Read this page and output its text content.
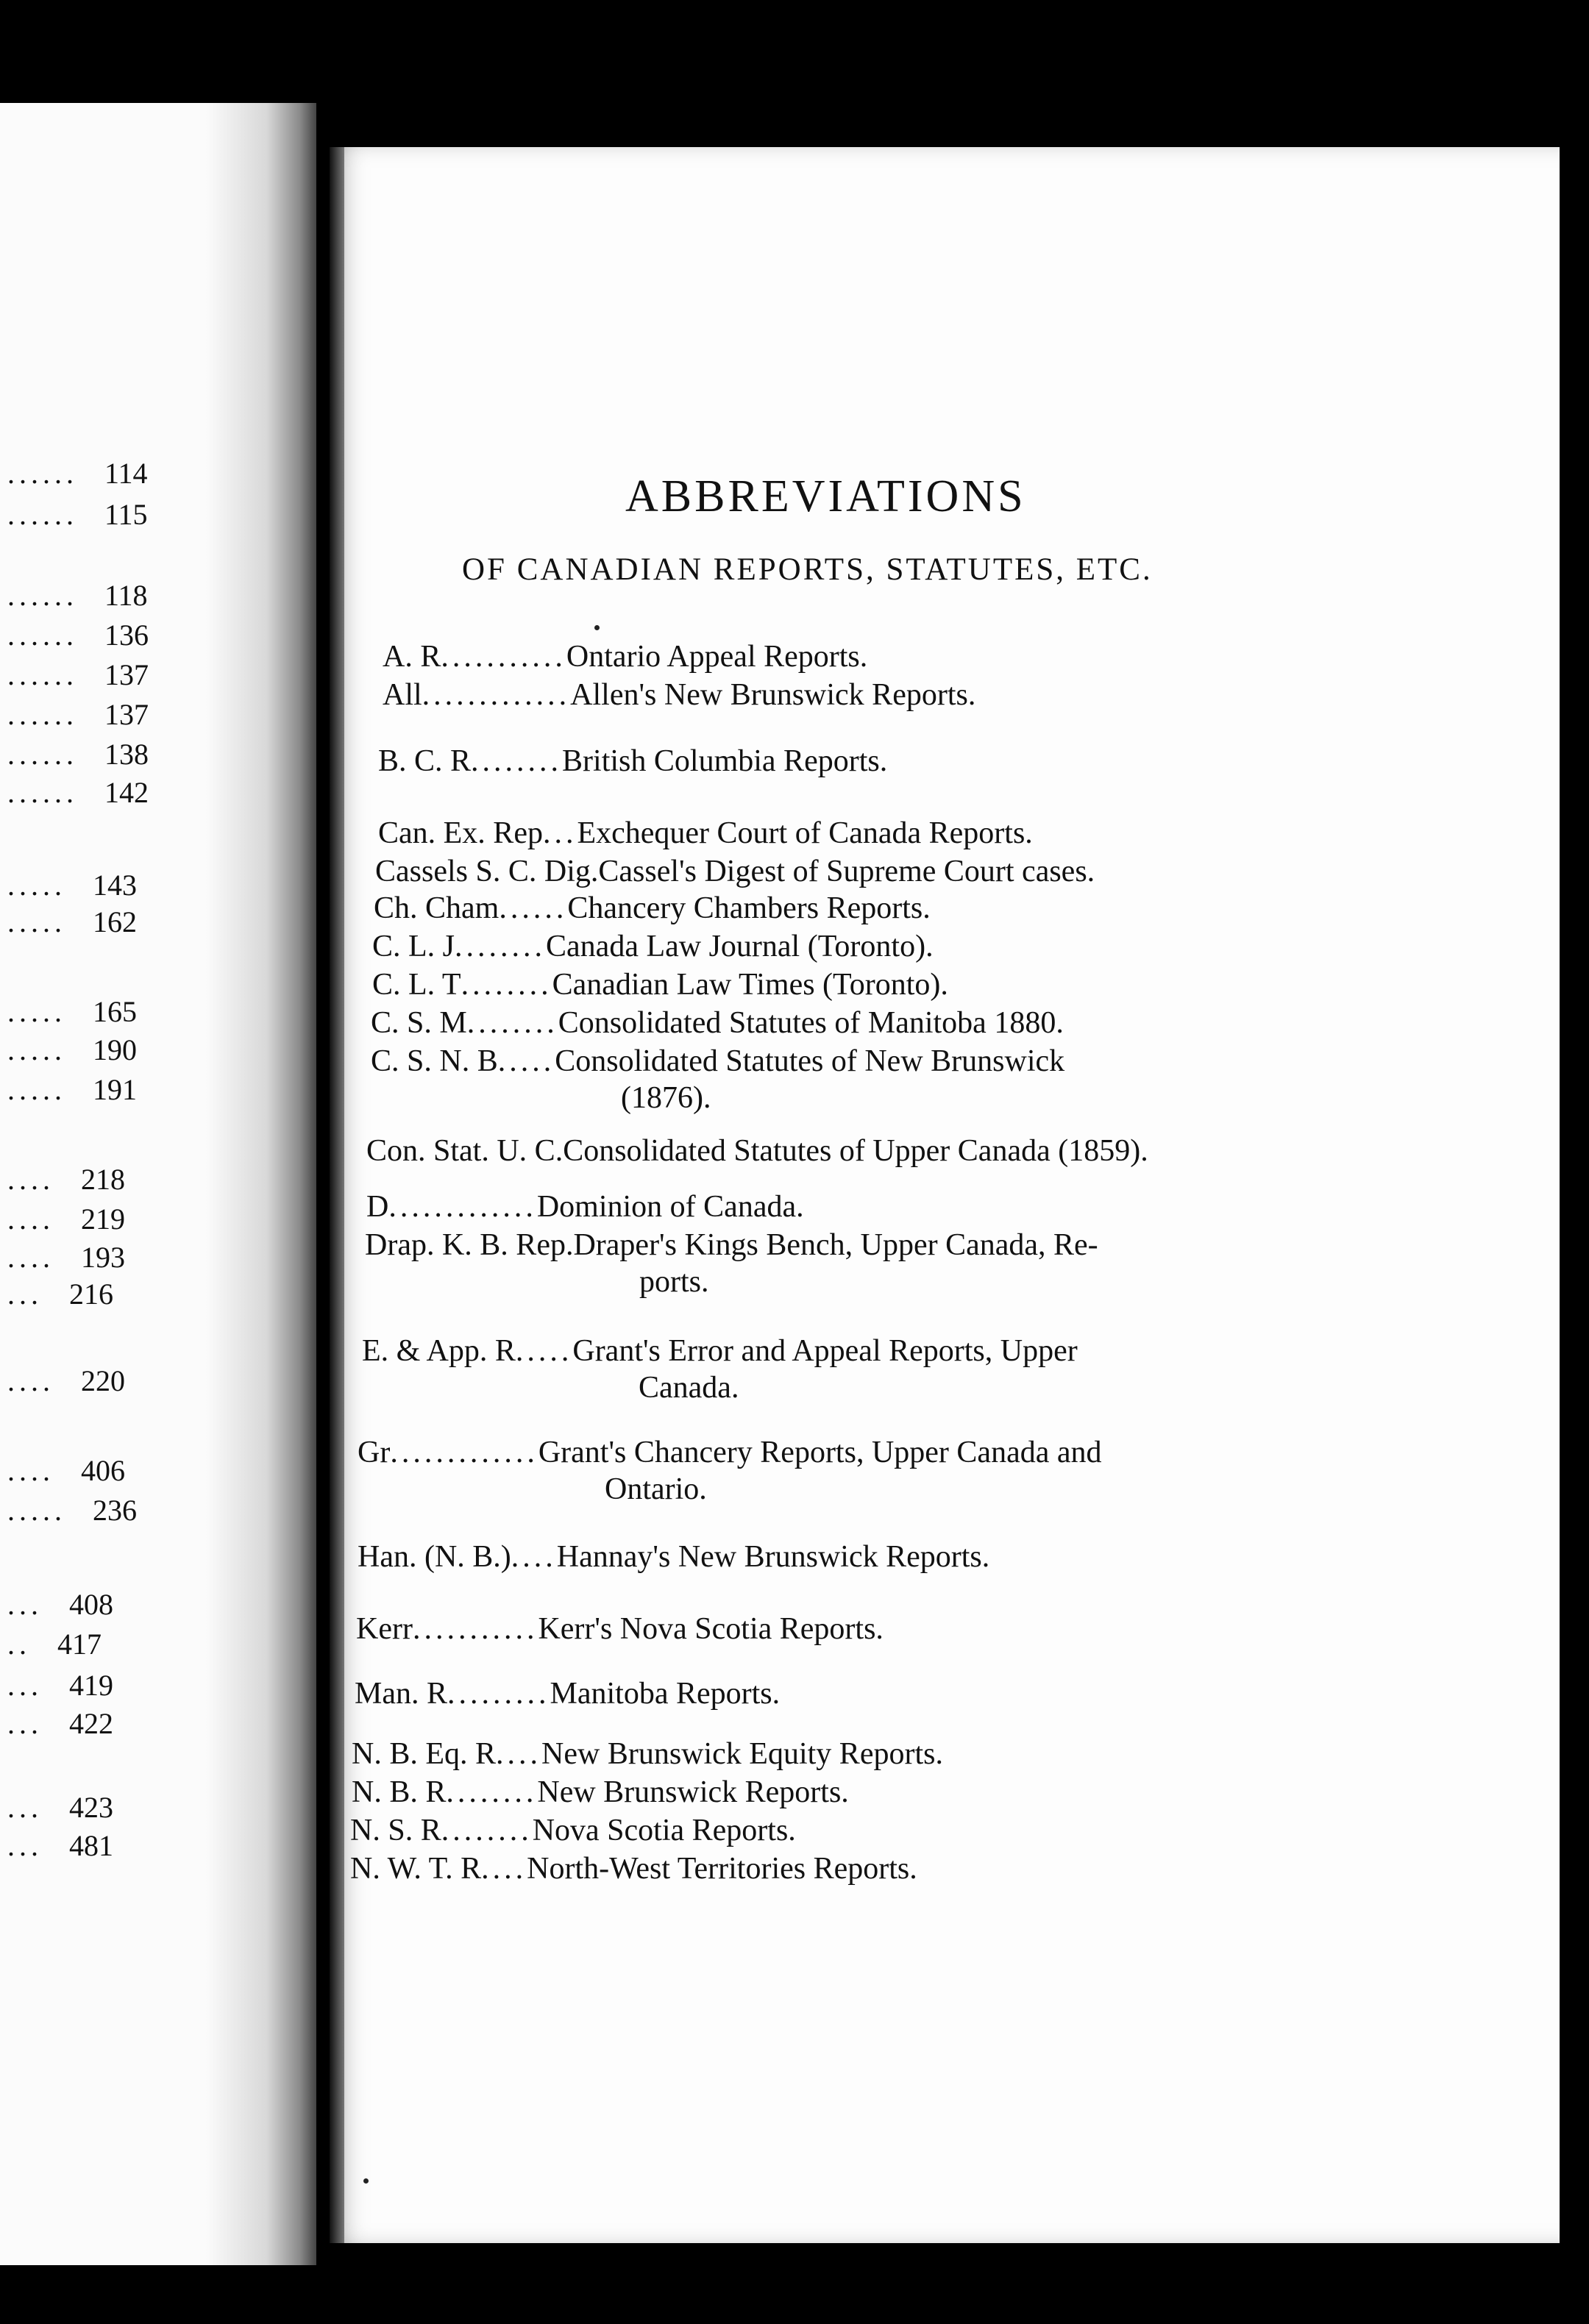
...... 114
...... 115
...... 118
...... 136
...... 137
...... 137
...... 138
...... 142
..... 143
..... 162
..... 165
..... 190
..... 191
.... 218
.... 219
.... 193
... 216
.... 220
.... 406
..... 236
... 408
.. 417
... 419
... 422
... 423
... 481
ABBREVIATIONS
OF CANADIAN REPORTS, STATUTES, ETC.
A. R...........Ontario Appeal Reports.
All.............Allen's New Brunswick Reports.
B. C. R........British Columbia Reports.
Can. Ex. Rep...Exchequer Court of Canada Reports.
Cassels S. C. Dig.Cassel's Digest of Supreme Court cases.
Ch. Cham......Chancery Chambers Reports.
C. L. J........Canada Law Journal (Toronto).
C. L. T........Canadian Law Times (Toronto).
C. S. M........Consolidated Statutes of Manitoba 1880.
C. S. N. B.....Consolidated Statutes of New Brunswick
(1876).
Con. Stat. U. C.Consolidated Statutes of Upper Canada (1859).
D.............Dominion of Canada.
Drap. K. B. Rep.Draper's Kings Bench, Upper Canada, Re-
ports.
E. & App. R.....Grant's Error and Appeal Reports, Upper
Canada.
Gr.............Grant's Chancery Reports, Upper Canada and
Ontario.
Han. (N. B.)....Hannay's New Brunswick Reports.
Kerr...........Kerr's Nova Scotia Reports.
Man. R.........Manitoba Reports.
N. B. Eq. R....New Brunswick Equity Reports.
N. B. R........New Brunswick Reports.
N. S. R........Nova Scotia Reports.
N. W. T. R....North-West Territories Reports.
